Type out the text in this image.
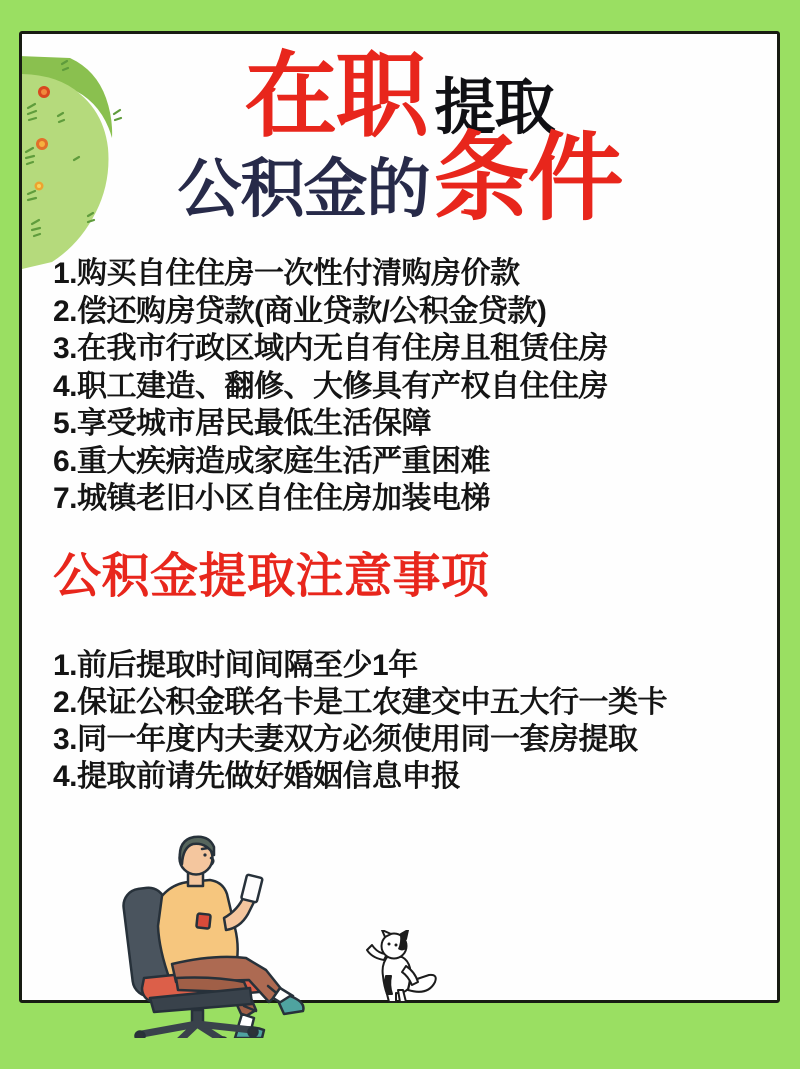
在职 提取
公积金的条件
1.购买自住住房一次性付清购房价款
2.偿还购房贷款(商业贷款/公积金贷款)
3.在我市行政区域内无自有住房且租赁住房
4.职工建造、翻修、大修具有产权自住住房
5.享受城市居民最低生活保障
6.重大疾病造成家庭生活严重困难
7.城镇老旧小区自住住房加装电梯
公积金提取注意事项
1.前后提取时间间隔至少1年
2.保证公积金联名卡是工农建交中五大行一类卡
3.同一年度内夫妻双方必须使用同一套房提取
4.提取前请先做好婚姻信息申报
